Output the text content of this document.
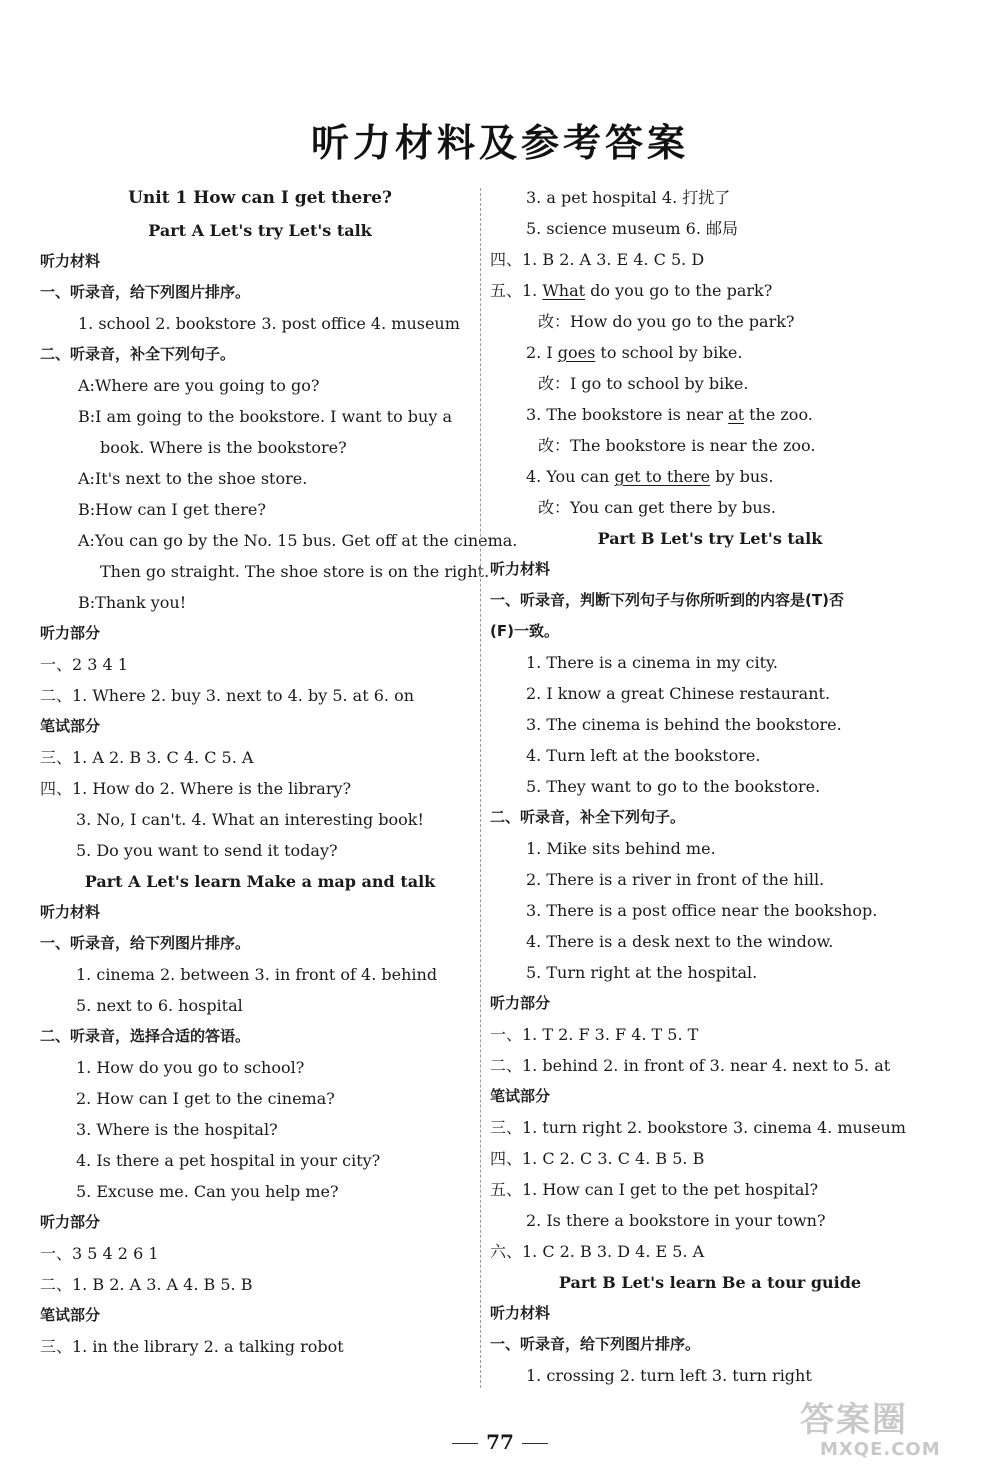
听力材料及参考答案
Unit 1 How can I get there?
Part A Let's try Let's talk
听力材料
一、听录音，给下列图片排序。
1. school 2. bookstore 3. post office 4. museum
二、听录音，补全下列句子。
A:Where are you going to go?
B:I am going to the bookstore. I want to buy a
book. Where is the bookstore?
A:It's next to the shoe store.
B:How can I get there?
A:You can go by the No. 15 bus. Get off at the cinema.
Then go straight. The shoe store is on the right.
B:Thank you!
听力部分
一、2 3 4 1
二、1. Where 2. buy 3. next to 4. by 5. at 6. on
笔试部分
三、1. A 2. B 3. C 4. C 5. A
四、1. How do 2. Where is the library?
3. No, I can't. 4. What an interesting book!
5. Do you want to send it today?
Part A Let's learn Make a map and talk
听力材料
一、听录音，给下列图片排序。
1. cinema 2. between 3. in front of 4. behind
5. next to 6. hospital
二、听录音，选择合适的答语。
1. How do you go to school?
2. How can I get to the cinema?
3. Where is the hospital?
4. Is there a pet hospital in your city?
5. Excuse me. Can you help me?
听力部分
一、3 5 4 2 6 1
二、1. B 2. A 3. A 4. B 5. B
笔试部分
三、1. in the library 2. a talking robot
3. a pet hospital 4. 打扰了
5. science museum 6. 邮局
四、1. B 2. A 3. E 4. C 5. D
五、1. What do you go to the park?
改：How do you go to the park?
2. I goes to school by bike.
改：I go to school by bike.
3. The bookstore is near at the zoo.
改：The bookstore is near the zoo.
4. You can get to there by bus.
改：You can get there by bus.
Part B Let's try Let's talk
听力材料
一、听录音，判断下列句子与你所听到的内容是(T)否
(F)一致。
1. There is a cinema in my city.
2. I know a great Chinese restaurant.
3. The cinema is behind the bookstore.
4. Turn left at the bookstore.
5. They want to go to the bookstore.
二、听录音，补全下列句子。
1. Mike sits behind me.
2. There is a river in front of the hill.
3. There is a post office near the bookshop.
4. There is a desk next to the window.
5. Turn right at the hospital.
听力部分
一、1. T 2. F 3. F 4. T 5. T
二、1. behind 2. in front of 3. near 4. next to 5. at
笔试部分
三、1. turn right 2. bookstore 3. cinema 4. museum
四、1. C 2. C 3. C 4. B 5. B
五、1. How can I get to the pet hospital?
2. Is there a bookstore in your town?
六、1. C 2. B 3. D 4. E 5. A
Part B Let's learn Be a tour guide
听力材料
一、听录音，给下列图片排序。
1. crossing 2. turn left 3. turn right
77
答案圈
MXQE.COM
